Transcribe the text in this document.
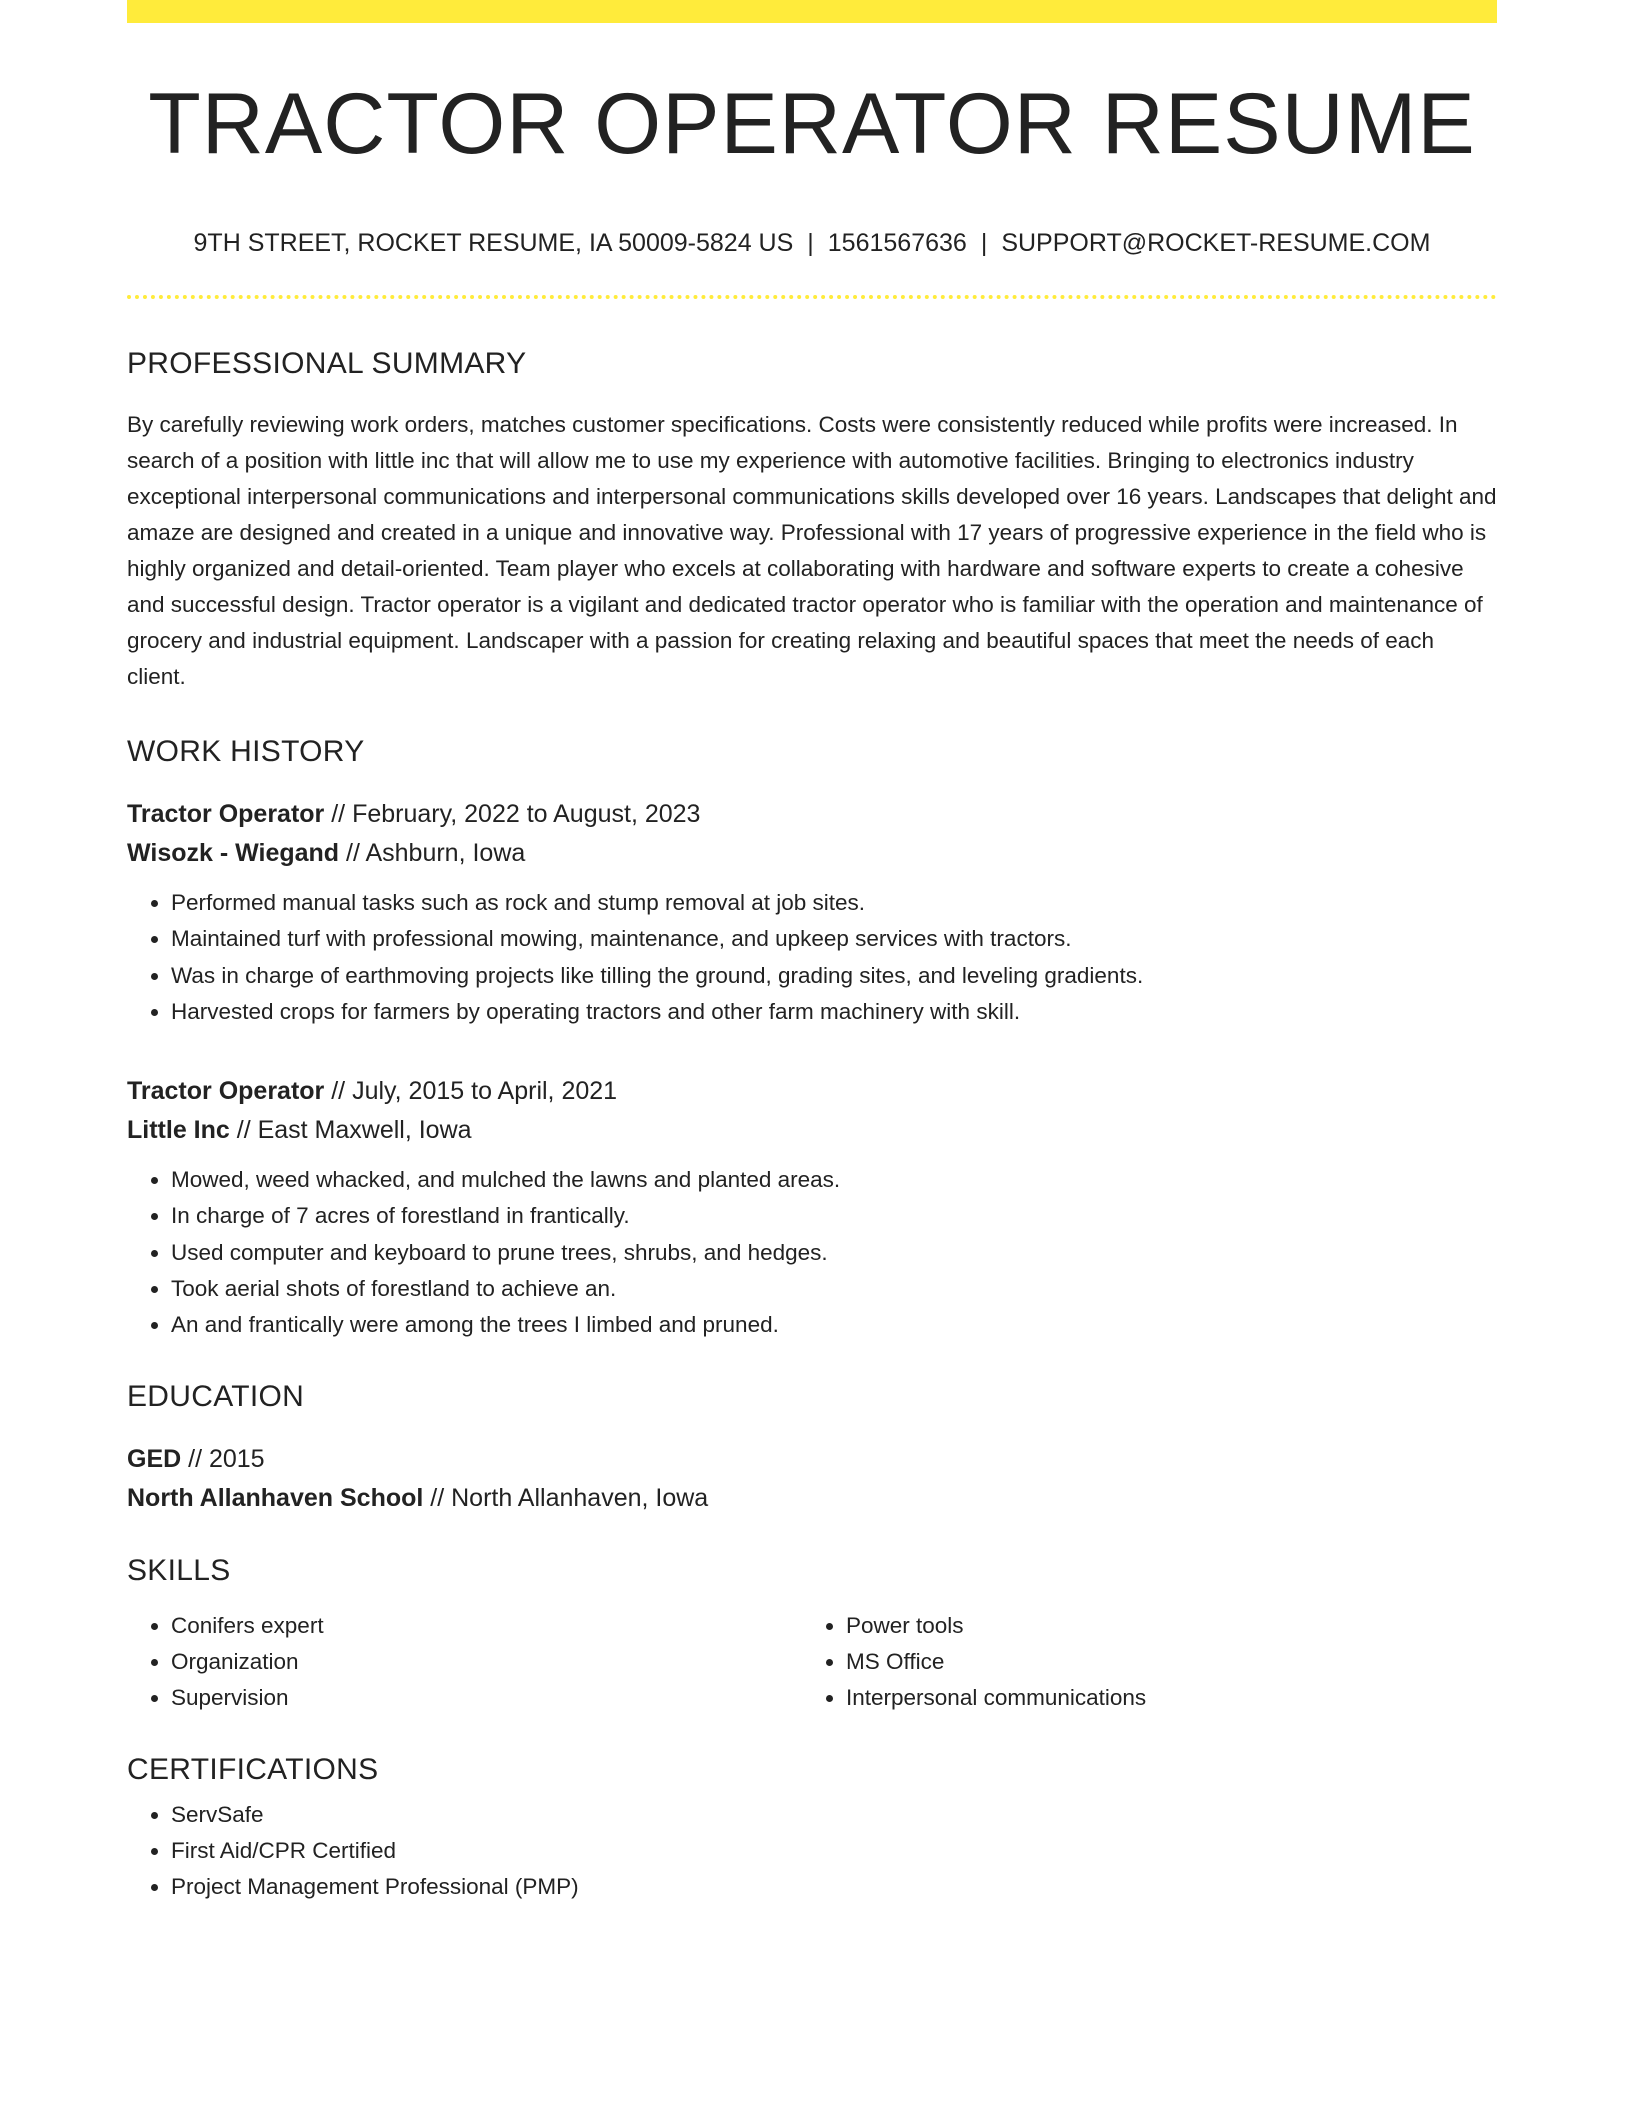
TRACTOR OPERATOR RESUME
9TH STREET, ROCKET RESUME, IA 50009-5824 US | 1561567636 | SUPPORT@ROCKET-RESUME.COM
PROFESSIONAL SUMMARY

By carefully reviewing work orders, matches customer specifications. Costs were consistently reduced while profits were increased. In search of a position with little inc that will allow me to use my experience with automotive facilities. Bringing to electronics industry exceptional interpersonal communications and interpersonal communications skills developed over 16 years. Landscapes that delight and amaze are designed and created in a unique and innovative way. Professional with 17 years of progressive experience in the field who is highly organized and detail-oriented. Team player who excels at collaborating with hardware and software experts to create a cohesive and successful design. Tractor operator is a vigilant and dedicated tractor operator who is familiar with the operation and maintenance of grocery and industrial equipment. Landscaper with a passion for creating relaxing and beautiful spaces that meet the needs of each client.

WORK HISTORY
Tractor Operator // February, 2022 to August, 2023
Wisozk - Wiegand // Ashburn, Iowa
• Performed manual tasks such as rock and stump removal at job sites.
• Maintained turf with professional mowing, maintenance, and upkeep services with tractors.
• Was in charge of earthmoving projects like tilling the ground, grading sites, and leveling gradients.
• Harvested crops for farmers by operating tractors and other farm machinery with skill.
Tractor Operator // July, 2015 to April, 2021
Little Inc // East Maxwell, Iowa
• Mowed, weed whacked, and mulched the lawns and planted areas.
• In charge of 7 acres of forestland in frantically.
• Used computer and keyboard to prune trees, shrubs, and hedges.
• Took aerial shots of forestland to achieve an.
• An and frantically were among the trees I limbed and pruned.
EDUCATION
GED // 2015
North Allanhaven School // North Allanhaven, Iowa
SKILLS
• Conifers expert
• Organization
• Supervision
• Power tools
• MS Office
• Interpersonal communications
CERTIFICATIONS
• ServSafe
• First Aid/CPR Certified
• Project Management Professional (PMP)
